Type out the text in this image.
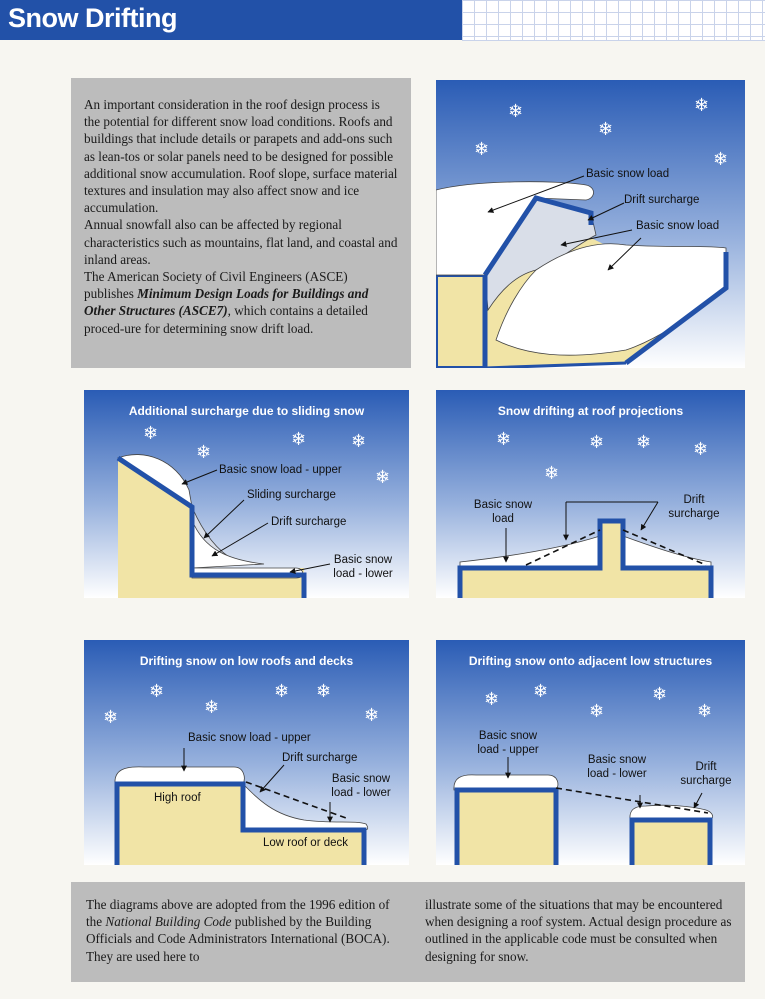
Snow Drifting

An important consideration in the roof design process is the potential for different snow load conditions. Roofs and buildings that include details or parapets and add-ons such as lean-tos or solar panels need to be designed for possible additional snow accumulation. Roof slope, surface material textures and insulation may also affect snow and ice accumulation.

Annual snowfall also can be affected by regional characteristics such as mountains, flat land, and coastal and inland areas.

The American Society of Civil Engineers (ASCE) publishes Minimum Design Loads for Buildings and Other Structures (ASCE7), which contains a detailed proced-ure for determining snow drift load.

❄
❄
❄
❄	❄
Basic snow load
Drift surcharge
Basic snow load
Additional surcharge due to sliding snow
❄
❄
❄ ❄
❄
Basic snow load - upper
Sliding surcharge
Drift surcharge
Basic snow load - lower
Snow drifting at roof projections
❄	❄ ❄ ❄
❄
Basic snow load
Drift surcharge
Drifting snow on low roofs and decks
❄	❄ ❄
❄	❄	❄
Basic snow load - upper
Drift surcharge
Basic snow load - lower
High roof
Low roof or deck
Drifting snow onto adjacent low structures
❄ ❄
❄
❄
❄
Basic snow load - upper
Basic snow load - lower
Drift surcharge

The diagrams above are adopted from the 1996 edition of the National Building Code published by the Building Officials and Code Administrators International (BOCA). They are used here to

illustrate some of the situations that may be encountered when designing a roof system. Actual design procedure as outlined in the applicable code must be consulted when designing for snow.
